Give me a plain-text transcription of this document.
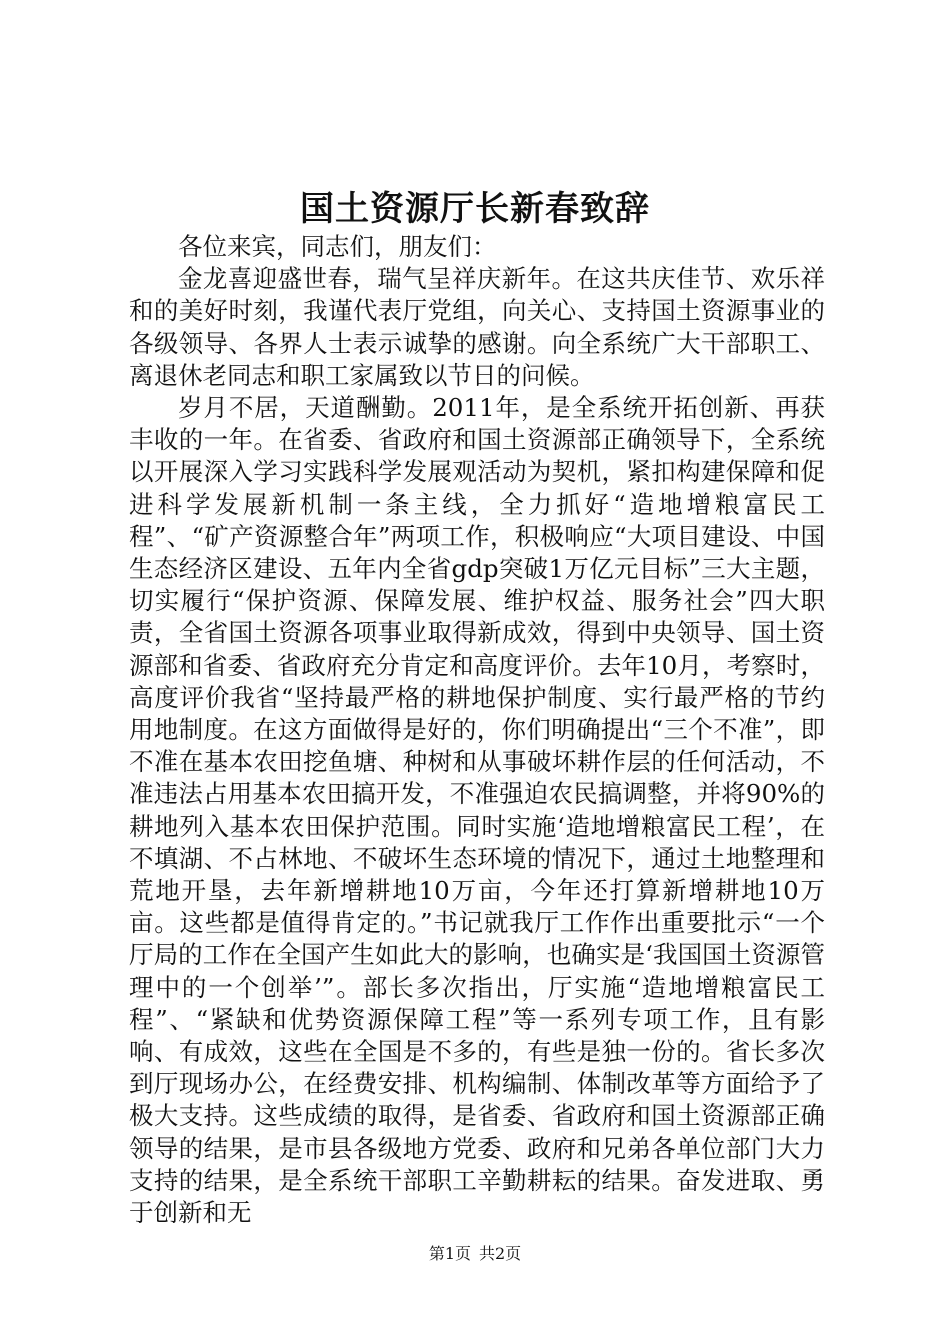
国土资源厅长新春致辞

各位来宾，同志们，朋友们：

金龙喜迎盛世春，瑞气呈祥庆新年。在这共庆佳节、欢乐祥和的美好时刻，我谨代表厅党组，向关心、支持国土资源事业的各级领导、各界人士表示诚挚的感谢。向全系统广大干部职工、离退休老同志和职工家属致以节日的问候。

岁月不居，天道酬勤。2011年，是全系统开拓创新、再获丰收的一年。在省委、省政府和国土资源部正确领导下，全系统以开展深入学习实践科学发展观活动为契机，紧扣构建保障和促进科学发展新机制一条主线，全力抓好“造地增粮富民工程”、“矿产资源整合年”两项工作，积极响应“大项目建设、中国生态经济区建设、五年内全省gdp突破1万亿元目标”三大主题，切实履行“保护资源、保障发展、维护权益、服务社会”四大职责，全省国土资源各项事业取得新成效，得到中央领导、国土资源部和省委、省政府充分肯定和高度评价。去年10月，考察时，高度评价我省“坚持最严格的耕地保护制度、实行最严格的节约用地制度。在这方面做得是好的，你们明确提出“三个不准”，即不准在基本农田挖鱼塘、种树和从事破坏耕作层的任何活动，不准违法占用基本农田搞开发，不准强迫农民搞调整，并将90%的耕地列入基本农田保护范围。同时实施‘造地增粮富民工程’，在不填湖、不占林地、不破坏生态环境的情况下，通过土地整理和荒地开垦，去年新增耕地10万亩，今年还打算新增耕地10万亩。这些都是值得肯定的。”书记就我厅工作作出重要批示“一个厅局的工作在全国产生如此大的影响，也确实是‘我国国土资源管理中的一个创举’”。部长多次指出，厅实施“造地增粮富民工程”、“紧缺和优势资源保障工程”等一系列专项工作，且有影响、有成效，这些在全国是不多的，有些是独一份的。省长多次到厅现场办公，在经费安排、机构编制、体制改革等方面给予了极大支持。这些成绩的取得，是省委、省政府和国土资源部正确领导的结果，是市县各级地方党委、政府和兄弟各单位部门大力支持的结果，是全系统干部职工辛勤耕耘的结果。奋发进取、勇于创新和无

第1页 共2页
